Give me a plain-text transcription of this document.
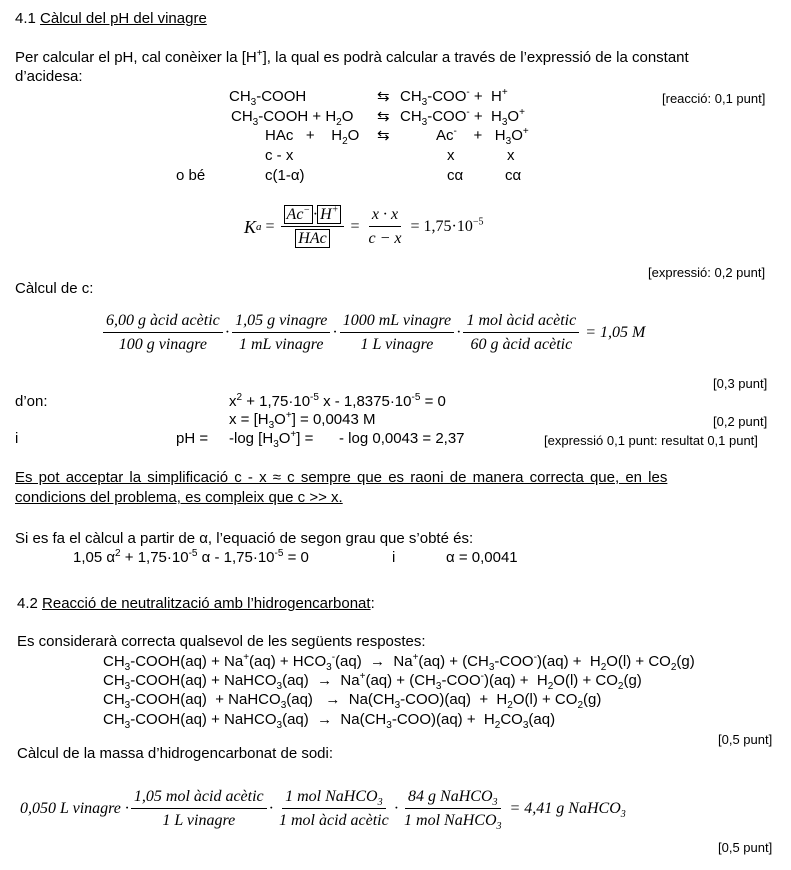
4.1 Càlcul del pH del vinagre
Per calcular el pH, cal conèixer la [H+], la qual es podrà calcular a través de l’expressió de la constant
d’acidesa:
$CH_3$-COOH	⇆ $CH_3-COO^- + H^+$	[reacció: 0,1 punt]
$CH_3$-COOH + $H_2O$ ⇆ $CH_3-COO^- + H_3O^+$
HAc   +    $H_2O$ ⇆	Ac-    +   $H_3O^+$
c - x	x	x
o bé	c(1-α)	cα	cα
K $a = \frac{Ac^- \cdot H^+}{\text{HAc}} = \frac{x \cdot x}{c - x} = 1,75\cdot 10^{-5}$
[expressió: 0,2 punt]
Càlcul de c:
$\frac{\text{6,00 g àcid acètic}}{\text{100 g vinagre}} \cdot \frac{\text{1,05 g vinagre}}{\text{1 mL vinagre}} \cdot \frac{\text{1000 mL vinagre}}{\text{1 L vinagre}} \cdot \frac{\text{1 mol àcid acètic}}{\text{60 g àcid acètic}} = 1,05$ M
[0,3 punt]
d’on:	$x^2 + 1,75\cdot 10^{-5}$ $x - 1,8375\cdot 10^{-5} = 0$
$x = [H_3O^+] = 0,0043$ M	[0,2 punt]
i	pH = -log $[H_3O^+]$ = - log 0,0043 = 2,37	[expressió 0,1 punt: resultat 0,1 punt]
Es pot acceptar la simplificació c - x ≈ c sempre que es raoni de manera correcta que, en les
condicions del problema, es compleix que c >> x.
Si es fa el càlcul a partir de α, l’equació de segon grau que s’obté és:
1,05 $\alpha^2 + 1,75\cdot 10^{-5}$ $\alpha - 1,75\cdot 10^{-5} = 0$	i	α = 0,0041
4.2 Reacció de neutralització amb l’hidrogencarbonat:
Es considerarà correcta qualsevol de les següents respostes:
$CH_3-COOH(aq) + Na^+(aq) + HCO_3^-(aq) \to Na^+(aq) + (CH_3-COO^-)(aq) + H_2O(l) + CO_2(g)$
$CH_3-COOH(aq)$ + NaHCO$_3$(aq)  →  $Na^+(aq) + (CH_3-COO^-)(aq) + H_2O(l) + CO_2(g)$
$CH_3-COOH(aq)$  + NaHCO$_3$(aq)   →  $Na(CH_3-COO)(aq) + H_2O(l) + CO_2(g)$
$CH_3-COOH(aq)$ + NaHCO$_3$(aq)  →  $Na(CH_3-COO)(aq) + H_2CO_3(aq)$
[0,5 punt]
Càlcul de la massa d’hidrogencarbonat de sodi:
0,050 L vinagre · $\frac{\text{1,05 mol àcid acètic}}{\text{1 L vinagre}} \cdot \frac{1 mol NaHCO_3}{\text{1 mol àcid acètic}} \cdot \frac{84 g NaHCO_3}{1 mol NaHCO_3} = 4,41$ g NaHCO$_3$
[0,5 punt]
